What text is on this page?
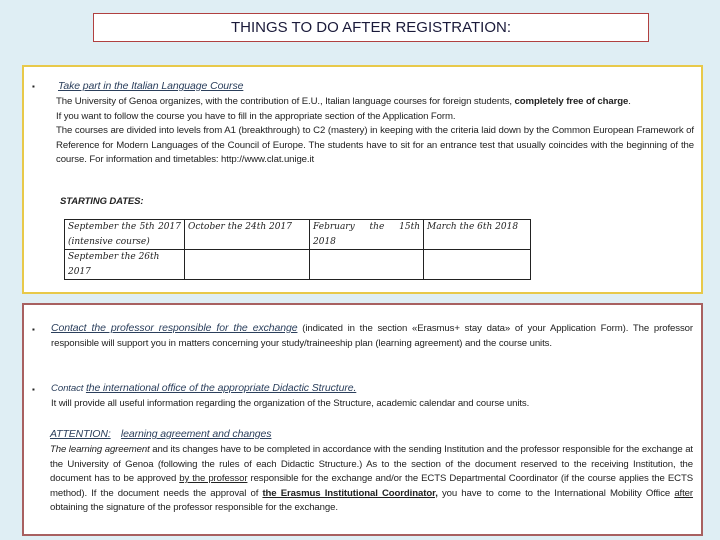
THINGS TO DO AFTER REGISTRATION:
▪ Take part in the Italian Language Course
The University of Genoa organizes, with the contribution of E.U., Italian language courses for foreign students, completely free of charge.
If you want to follow the course you have to fill in the appropriate section of the Application Form.
The courses are divided into levels from A1 (breakthrough) to C2 (mastery) in keeping with the criteria laid down by the Common European Framework of Reference for Modern Languages of the Council of Europe. The students have to sit for an entrance test that usually coincides with the beginning of the course. For information and timetables: http://www.clat.unige.it
STARTING DATES:
September the 5th 2017 (intensive course)	October the 24th 2017	February the 15th 2018	March the 6th 2018
September the 26th 2017			
▪ Contact the professor responsible for the exchange (indicated in the section «Erasmus+ stay data» of your Application Form). The professor responsible will support you in matters concerning your study/traineeship plan (learning agreement) and the course units.
▪ Contact the international office of the appropriate Didactic Structure.
It will provide all useful information regarding the organization of the Structure, academic calendar and course units.
ATTENTION: learning agreement and changes
The learning agreement and its changes have to be completed in accordance with the sending Institution and the professor responsible for the exchange at the University of Genoa (following the rules of each Didactic Structure.) As to the section of the document reserved to the receiving Institution, the document has to be approved by the professor responsible for the exchange and/or the ECTS Departmental Coordinator (if the course applies the ECTS method). If the document needs the approval of the Erasmus Institutional Coordinator, you have to come to the International Mobility Office after obtaining the signature of the professor responsible for the exchange.
